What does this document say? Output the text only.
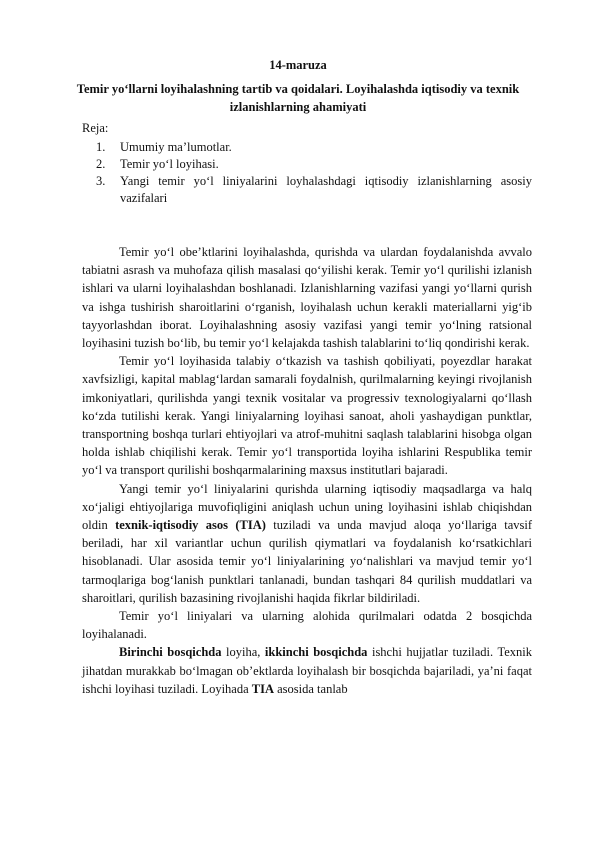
14-maruza
Temir yo‘llarni loyihalashning tartib va qoidalari. Loyihalashda iqtisodiy va texnik izlanishlarning ahamiyati
Reja:
1.	Umumiy ma’lumotlar.
2.	Temir yo‘l loyihasi.
3.	Yangi temir yo‘l liniyalarini loyhalashdagi iqtisodiy izlanishlarning asosiy vazifalari

Temir yo‘l obe’ktlarini loyihalashda, qurishda va ulardan foydalanishda avvalo tabiatni asrash va muhofaza qilish masalasi qo‘yilishi kerak. Temir yo‘l qurilishi izlanish ishlari va ularni loyihalashdan boshlanadi. Izlanishlarning vazifasi yangi yo‘llarni qurish va ishga tushirish sharoitlarini o‘rganish, loyihalash uchun kerakli materiallarni yig‘ib tayyorlashdan iborat. Loyihalashning asosiy vazifasi yangi temir yo‘lning ratsional loyihasini tuzish bo‘lib, bu temir yo‘l kelajakda tashish talablarini to‘liq qondirishi kerak.

Temir yo‘l loyihasida talabiy o‘tkazish va tashish qobiliyati, poyezdlar harakat xavfsizligi, kapital mablag‘lardan samarali foydalnish, qurilmalarning keyingi rivojlanish imkoniyatlari, qurilishda yangi texnik vositalar va progressiv texnologiyalarni qo‘llash ko‘zda tutilishi kerak. Yangi liniyalarning loyihasi sanoat, aholi yashaydigan punktlar, transportning boshqa turlari ehtiyojlari va atrof-muhitni saqlash talablarini hisobga olgan holda ishlab chiqilishi kerak. Temir yo‘l transportida loyiha ishlarini Respublika temir yo‘l va transport qurilishi boshqarmalarining maxsus institutlari bajaradi.

Yangi temir yo‘l liniyalarini qurishda ularning iqtisodiy maqsadlarga va halq xo‘jaligi ehtiyojlariga muvofiqligini aniqlash uchun uning loyihasini ishlab chiqishdan oldin texnik-iqtisodiy asos (TIA) tuziladi va unda mavjud aloqa yo‘llariga tavsif beriladi, har xil variantlar uchun qurilish qiymatlari va foydalanish ko‘rsatkichlari hisoblanadi. Ular asosida temir yo‘l liniyalarining yo‘nalishlari va mavjud temir yo‘l tarmoqlariga bog‘lanish punktlari tanlanadi, bundan tashqari 84 qurilish muddatlari va sharoitlari, qurilish bazasining rivojlanishi haqida fikrlar bildiriladi.

Temir yo‘l liniyalari va ularning alohida qurilmalari odatda 2 bosqichda loyihalanadi.

Birinchi bosqichda loyiha, ikkinchi bosqichda ishchi hujjatlar tuziladi. Texnik jihatdan murakkab bo‘lmagan ob’ektlarda loyihalash bir bosqichda bajariladi, ya’ni faqat ishchi loyihasi tuziladi. Loyihada TIA asosida tanlab
